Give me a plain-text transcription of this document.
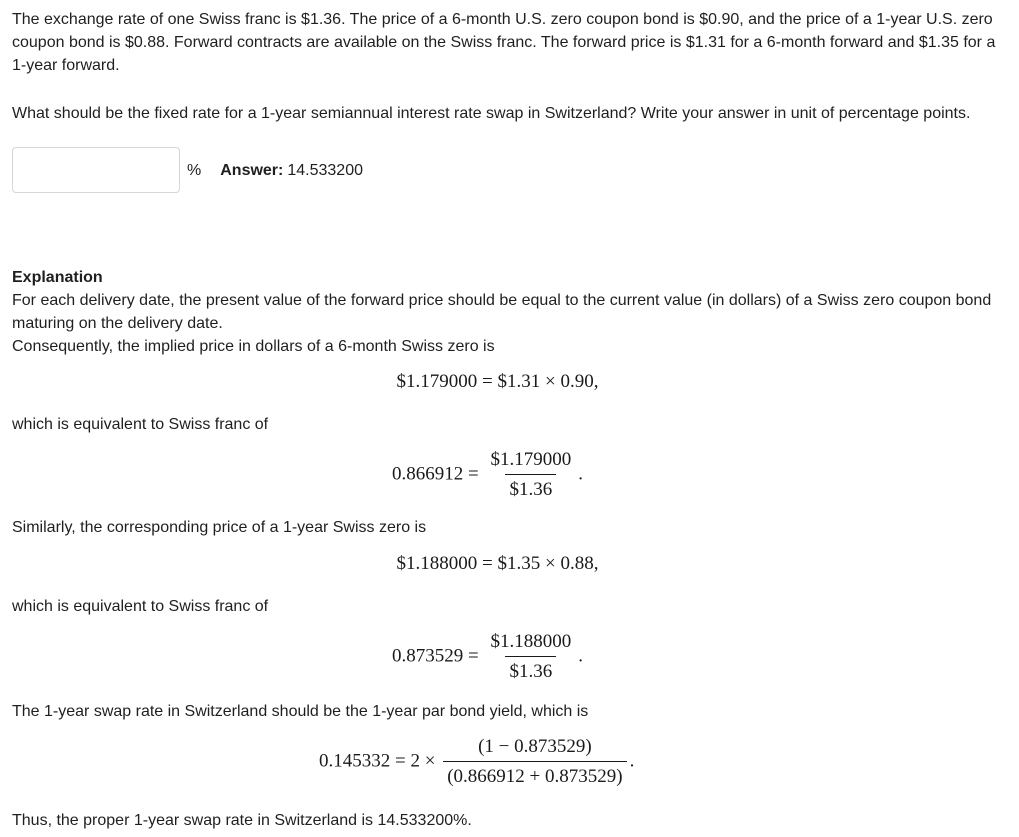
The exchange rate of one Swiss franc is $1.36. The price of a 6-month U.S. zero coupon bond is $0.90, and the price of a 1-year U.S. zero coupon bond is $0.88. Forward contracts are available on the Swiss franc. The forward price is $1.31 for a 6-month forward and $1.35 for a 1-year forward.

What should be the fixed rate for a 1-year semiannual interest rate swap in Switzerland? Write your answer in unit of percentage points.

% Answer: 14.533200

Explanation

For each delivery date, the present value of the forward price should be equal to the current value (in dollars) of a Swiss zero coupon bond maturing on the delivery date.

Consequently, the implied price in dollars of a 6-month Swiss zero is

$1.179000 = $1.31 × 0.90,

which is equivalent to Swiss franc of

$0.866912 = \frac{\$1.179000}{\$1.36}$ .

Similarly, the corresponding price of a 1-year Swiss zero is

$1.188000 = $1.35 × 0.88,

which is equivalent to Swiss franc of

$0.873529 = \frac{\$1.188000}{\$1.36}$ .

The 1-year swap rate in Switzerland should be the 1-year par bond yield, which is

$0.145332 = 2 \times \frac{(1 - 0.873529)}{(0.866912 + 0.873529)}$ .

Thus, the proper 1-year swap rate in Switzerland is 14.533200%.
